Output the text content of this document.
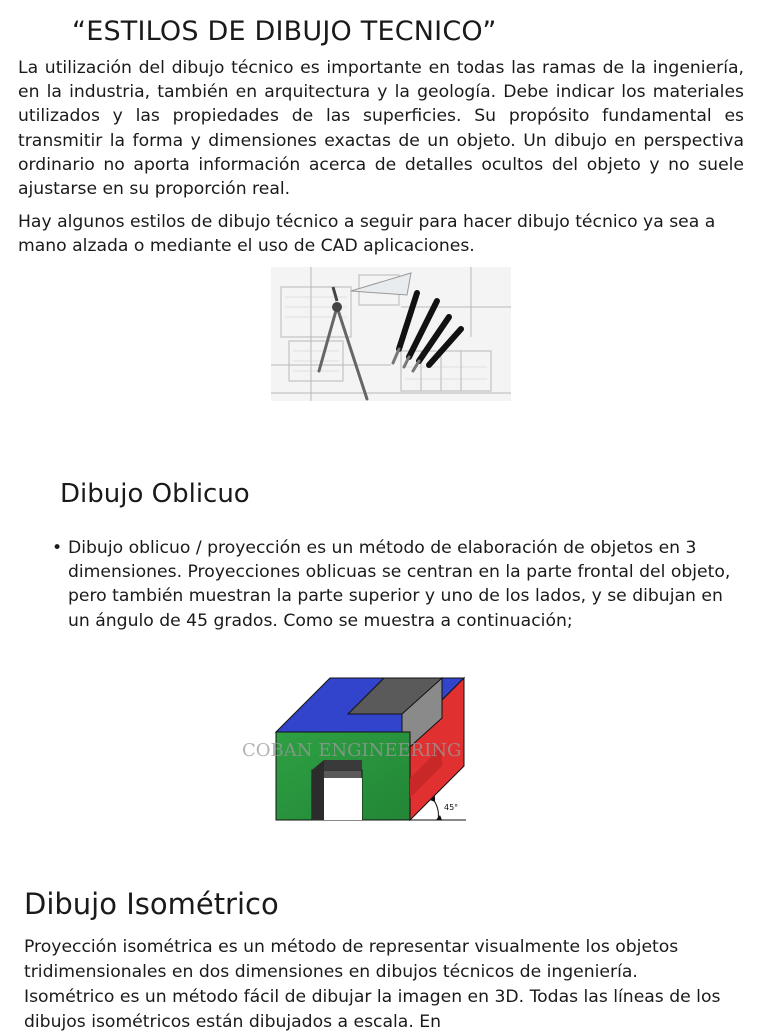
“ESTILOS DE DIBUJO TECNICO”

La utilización del dibujo técnico es importante en todas las ramas de la ingeniería, en la industria, también en arquitectura y la geología. Debe indicar los materiales utilizados y las propiedades de las superficies. Su propósito fundamental es transmitir la forma y dimensiones exactas de un objeto. Un dibujo en perspectiva ordinario no aporta información acerca de detalles ocultos del objeto y no suele ajustarse en su proporción real.

Hay algunos estilos de dibujo técnico a seguir para hacer dibujo técnico ya sea a mano alzada o mediante el uso de CAD aplicaciones.

Dibujo Oblicuo
• Dibujo oblicuo / proyección es un método de elaboración de objetos en 3 dimensiones. Proyecciones oblicuas se centran en la parte frontal del objeto, pero también muestran la parte superior y uno de los lados, y se dibujan en un ángulo de 45 grados. Como se muestra a continuación;
45°
COBAN ENGINEERING
Dibujo Isométrico

Proyección isométrica es un método de representar visualmente los objetos tridimensionales en dos dimensiones en dibujos técnicos de ingeniería. Isométrico es un método fácil de dibujar la imagen en 3D. Todas las líneas de los dibujos isométricos están dibujados a escala. En
